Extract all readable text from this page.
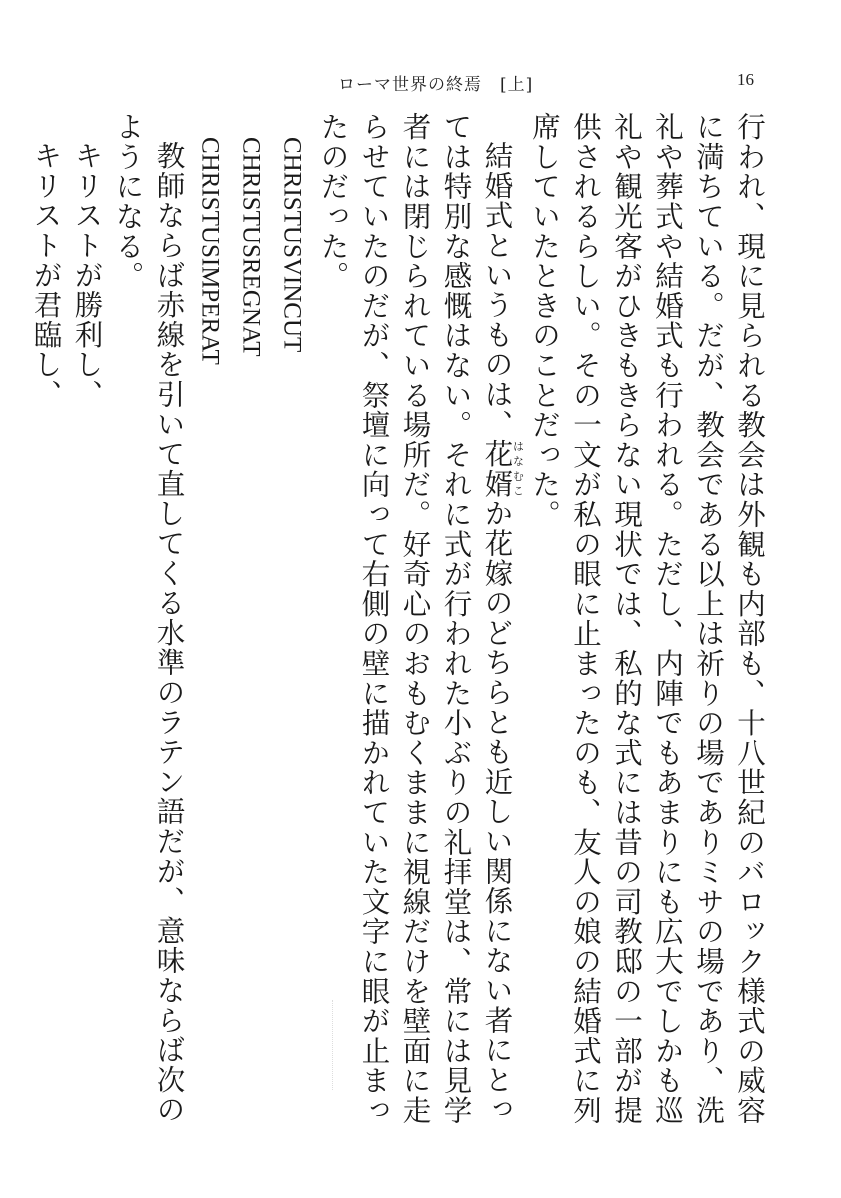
ローマ世界の終焉　[上]	16

行われ、現に見られる教会は外観も内部も、十八世紀のバロック様式の威容に満ちている。だが、教会である以上は祈りの場でありミサの場であり、洗礼や葬式や結婚式も行われる。ただし、内陣でもあまりにも広大でしかも巡礼や観光客がひきもきらない現状では、私的な式には昔の司教邸の一部が提供されるらしい。その一文が私の眼に止まったのも、友人の娘の結婚式に列席していたときのことだった。

結婚式というものは、花婿はなむこか花嫁のどちらとも近しい関係にない者にとっては特別な感慨はない。それに式が行われた小ぶりの礼拝堂は、常には見学者には閉じられている場所だ。好奇心のおもむくままに視線だけを壁面に走らせていたのだが、祭壇に向って右側の壁に描かれていた文字に眼が止まったのだった。

CHRISTUSVINCUT

CHRISTUSREGNAT

CHRISTUSIMPERAT

教師ならば赤線を引いて直してくる水準のラテン語だが、意味ならば次のようになる。

キリストが勝利し、

キリストが君臨し、
